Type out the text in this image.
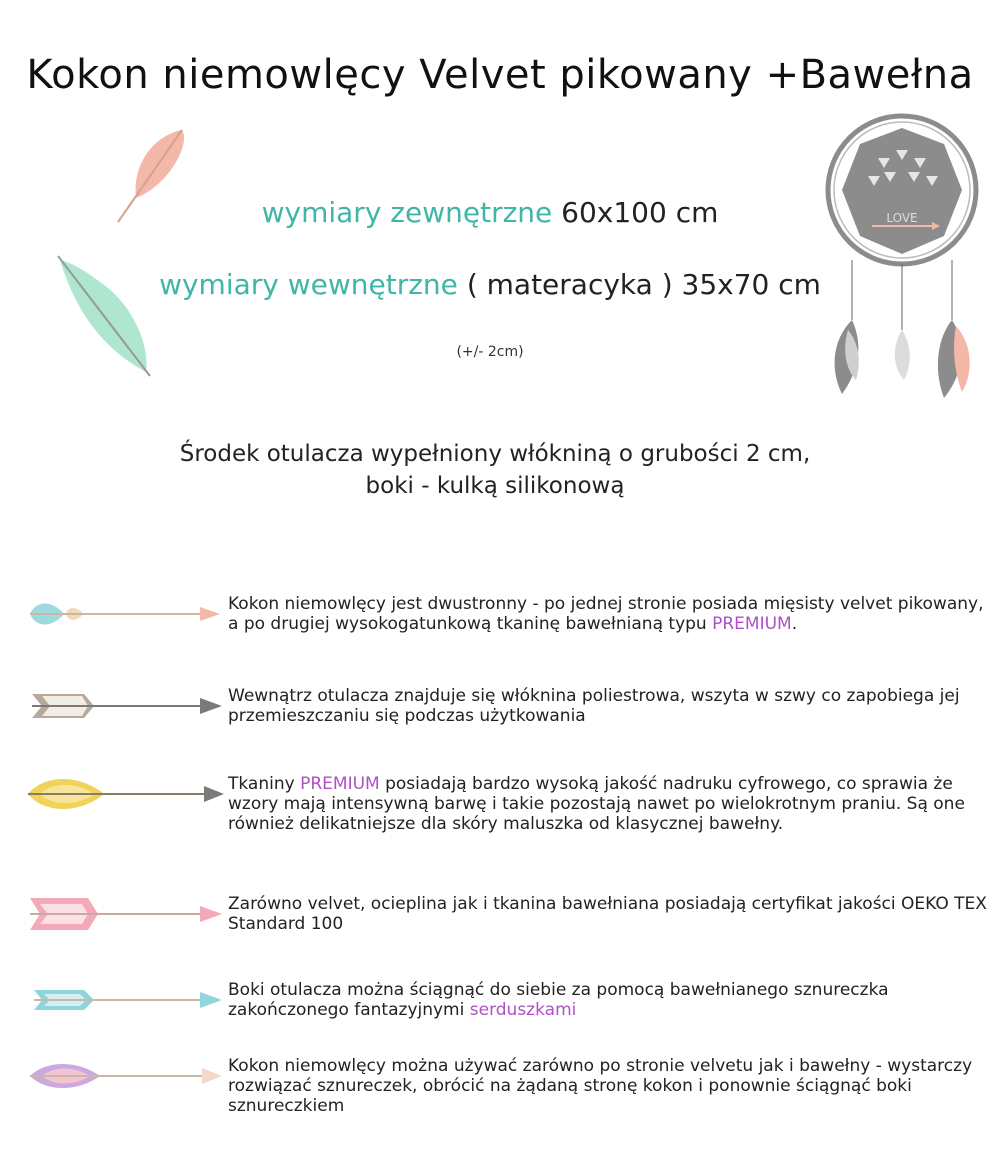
Kokon niemowlęcy Velvet pikowany +Bawełna
LOVE
wymiary zewnętrzne 60x100 cm
wymiary wewnętrzne ( materacyka ) 35x70 cm
(+/- 2cm)
Środek otulacza wypełniony włókniną o grubości 2 cm,
boki - kulką silikonową
Kokon niemowlęcy jest dwustronny - po jednej stronie posiada mięsisty velvet pikowany, a po drugiej wysokogatunkową tkaninę bawełnianą typu PREMIUM.
Wewnątrz otulacza znajduje się włóknina poliestrowa, wszyta w szwy co zapobiega jej przemieszczaniu się podczas użytkowania
Tkaniny PREMIUM posiadają bardzo wysoką jakość nadruku cyfrowego, co sprawia że wzory mają intensywną barwę i takie pozostają nawet po wielokrotnym praniu. Są one również delikatniejsze dla skóry maluszka od klasycznej bawełny.
Zarówno velvet, ocieplina jak i tkanina bawełniana posiadają certyfikat jakości OEKO TEX Standard 100
Boki otulacza można ściągnąć do siebie za pomocą bawełnianego sznureczka zakończonego fantazyjnymi serduszkami
Kokon niemowlęcy można używać zarówno po stronie velvetu jak i bawełny - wystarczy rozwiązać sznureczek, obrócić na żądaną stronę kokon i ponownie ściągnąć boki sznureczkiem
